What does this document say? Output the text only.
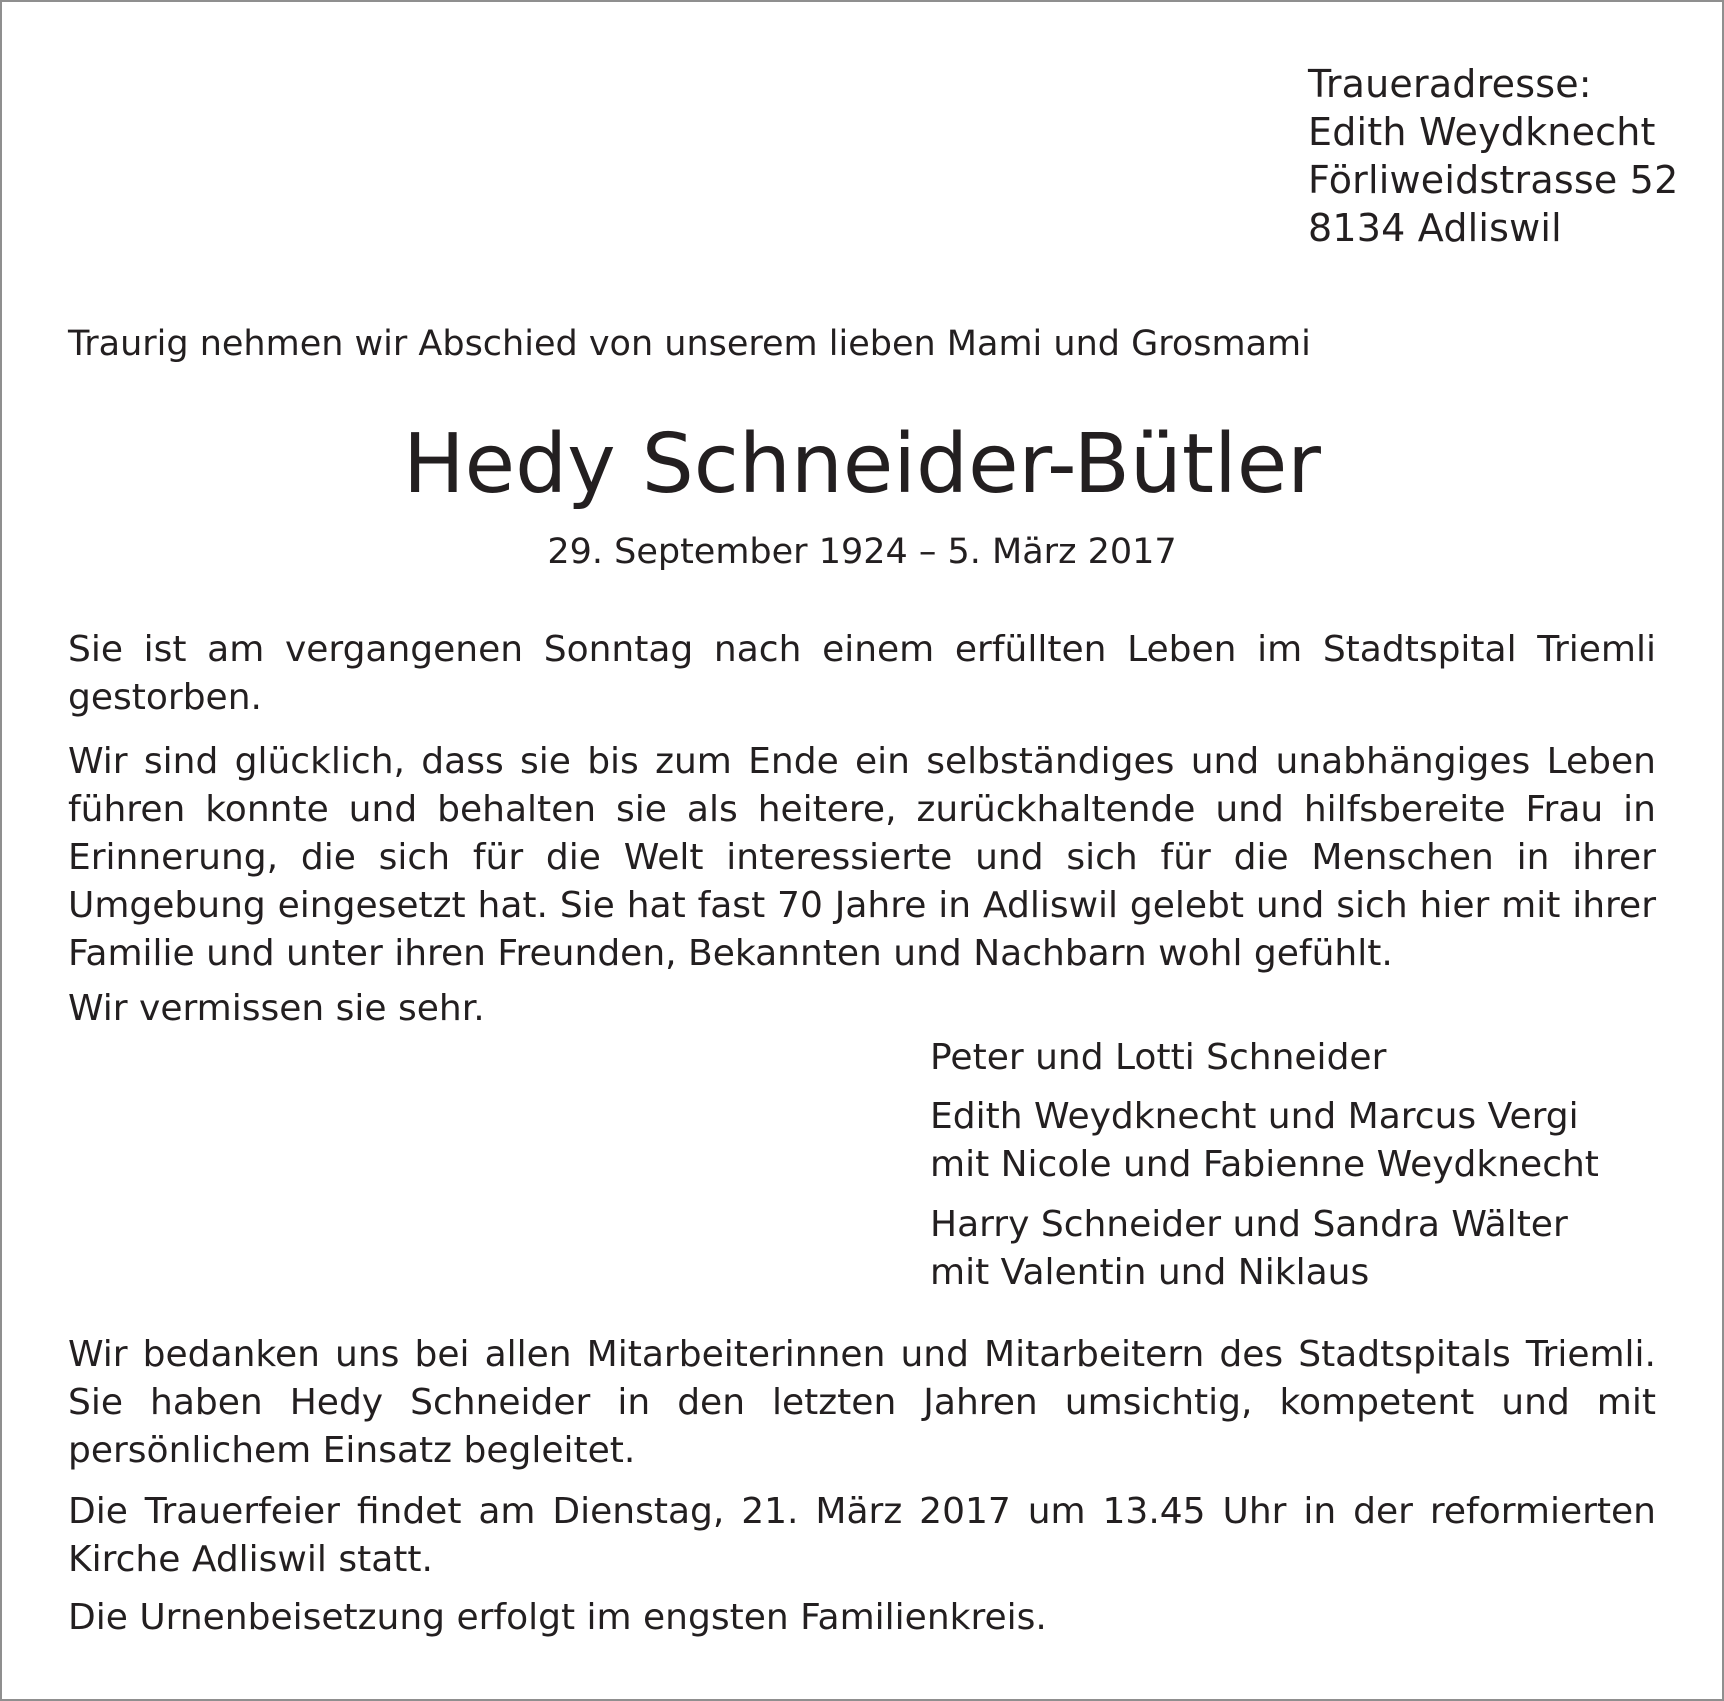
Traueradresse:
Edith Weydknecht
Förliweidstrasse 52
8134 Adliswil
Traurig nehmen wir Abschied von unserem lieben Mami und Grosmami
Hedy Schneider-Bütler
29. September 1924 – 5. März 2017
Sie ist am vergangenen Sonntag nach einem erfüllten Leben im Stadtspital Triemli gestorben.
Wir sind glücklich, dass sie bis zum Ende ein selbständiges und unabhängiges Leben führen konnte und behalten sie als heitere, zurückhaltende und hilfsbereite Frau in Erinnerung, die sich für die Welt interessierte und sich für die Menschen in ihrer Umgebung eingesetzt hat. Sie hat fast 70 Jahre in Adliswil gelebt und sich hier mit ihrer Familie und unter ihren Freunden, Bekannten und Nachbarn wohl gefühlt.
Wir vermissen sie sehr.
Peter und Lotti Schneider
Edith Weydknecht und Marcus Vergi
mit Nicole und Fabienne Weydknecht
Harry Schneider und Sandra Wälter
mit Valentin und Niklaus
Wir bedanken uns bei allen Mitarbeiterinnen und Mitarbeitern des Stadtspitals Triemli. Sie haben Hedy Schneider in den letzten Jahren umsichtig, kompetent und mit persönlichem Einsatz begleitet.
Die Trauerfeier findet am Dienstag, 21. März 2017 um 13.45 Uhr in der reformierten Kirche Adliswil statt.
Die Urnenbeisetzung erfolgt im engsten Familienkreis.
